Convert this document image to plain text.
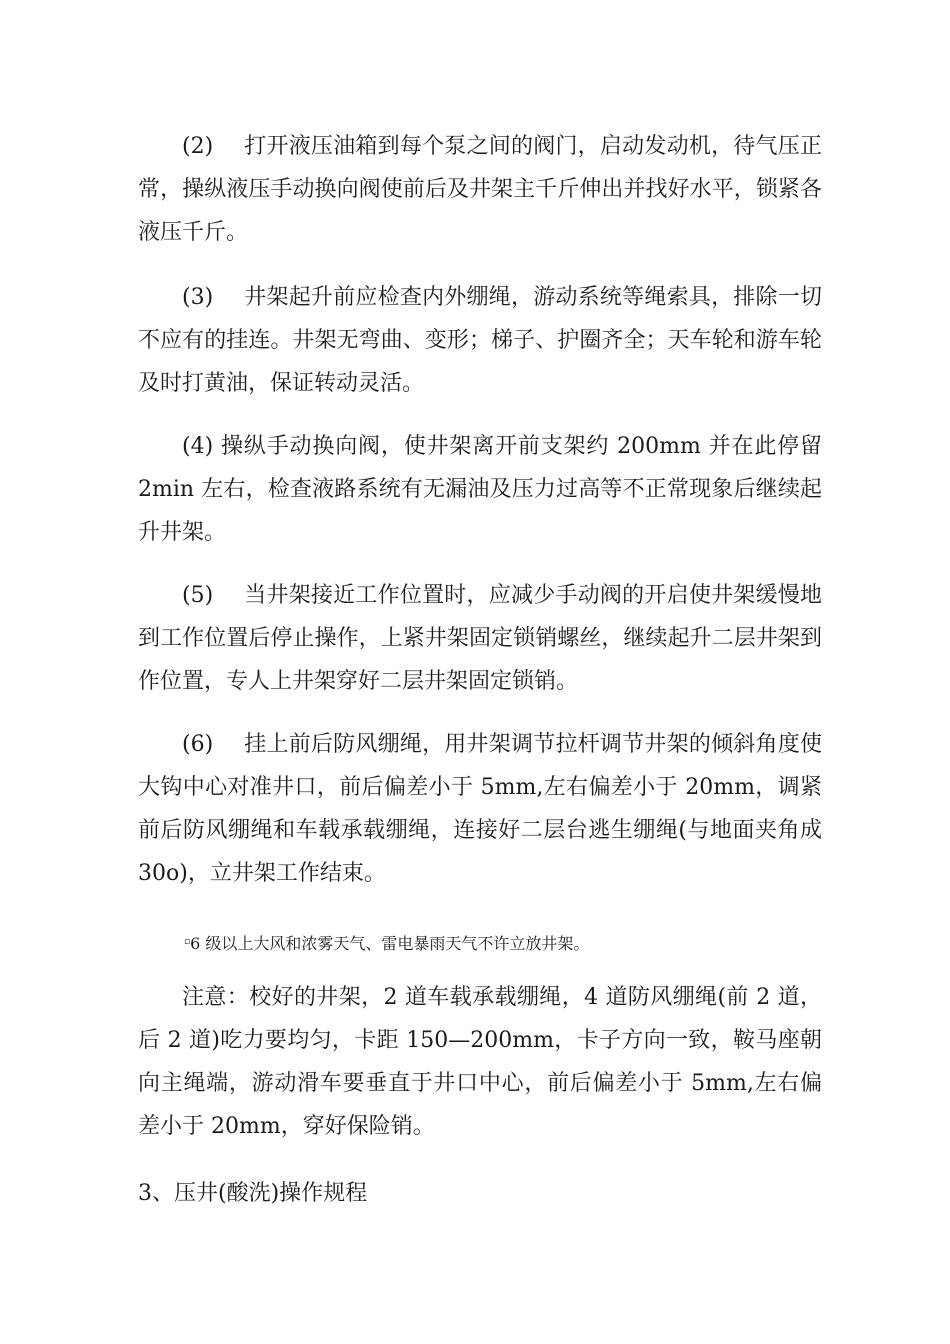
(2) 打开液压油箱到每个泵之间的阀门，启动发动机，待气压正常，操纵液压手动换向阀使前后及井架主千斤伸出并找好水平，锁紧各液压千斤。

(3) 井架起升前应检查内外绷绳，游动系统等绳索具，排除一切不应有的挂连。井架无弯曲、变形；梯子、护圈齐全；天车轮和游车轮及时打黄油，保证转动灵活。

(4) 操纵手动换向阀，使井架离开前支架约 200mm 并在此停留 2min 左右，检查液路系统有无漏油及压力过高等不正常现象后继续起升井架。

(5) 当井架接近工作位置时，应减少手动阀的开启使井架缓慢地到工作位置后停止操作，上紧井架固定锁销螺丝，继续起升二层井架到作位置，专人上井架穿好二层井架固定锁销。

(6) 挂上前后防风绷绳，用井架调节拉杆调节井架的倾斜角度使大钩中心对准井口，前后偏差小于 5mm,左右偏差小于 20mm，调紧前后防风绷绳和车载承载绷绳，连接好二层台逃生绷绳(与地面夹角成 30o)，立井架工作结束。

▫6 级以上大风和浓雾天气、雷电暴雨天气不许立放井架。

注意：校好的井架，2 道车载承载绷绳，4 道防风绷绳(前 2 道，后 2 道)吃力要均匀，卡距 150—200mm，卡子方向一致，鞍马座朝向主绳端，游动滑车要垂直于井口中心，前后偏差小于 5mm,左右偏差小于 20mm，穿好保险销。

3、压井(酸洗)操作规程
